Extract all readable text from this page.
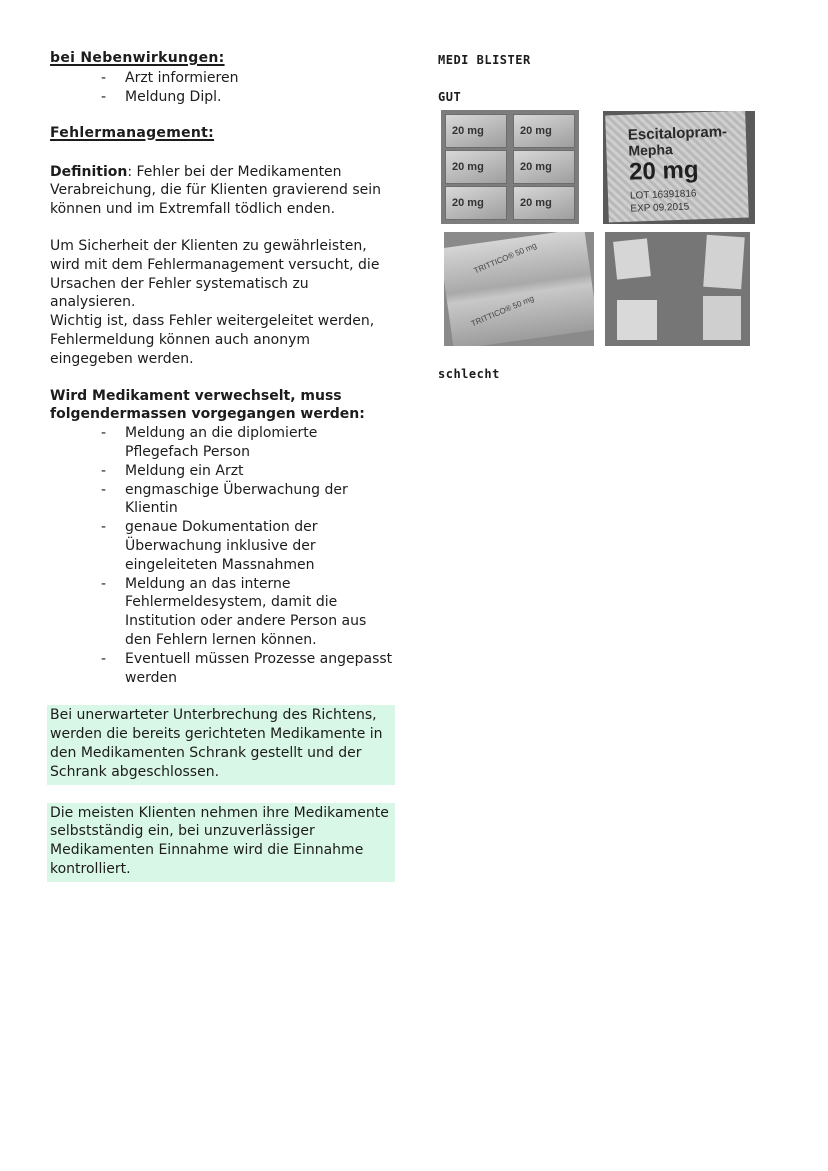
bei Nebenwirkungen:

- Arzt informieren
- Meldung Dipl.

Fehlermanagement:

Definition: Fehler bei der Medikamenten Verabreichung, die für Klienten gravierend sein können und im Extremfall tödlich enden.

Um Sicherheit der Klienten zu gewährleisten, wird mit dem Fehlermanagement versucht, die Ursachen der Fehler systematisch zu analysieren.

Wichtig ist, dass Fehler weitergeleitet werden, Fehlermeldung können auch anonym eingegeben werden.

Wird Medikament verwechselt, muss folgendermassen vorgegangen werden:

- Meldung an die diplomierte Pflegefach Person
- Meldung ein Arzt
- engmaschige Überwachung der Klientin
- genaue Dokumentation der Überwachung inklusive der eingeleiteten Massnahmen
- Meldung an das interne Fehlermeldesystem, damit die Institution oder andere Person aus den Fehlern lernen können.
- Eventuell müssen Prozesse angepasst werden

Bei unerwarteter Unterbrechung des Richtens, werden die bereits gerichteten Medikamente in den Medikamenten Schrank gestellt und der Schrank abgeschlossen.

Die meisten Klienten nehmen ihre Medikamente selbstständig ein, bei unzuverlässiger Medikamenten Einnahme wird die Einnahme kontrolliert.

MEDI BLISTER

GUT

schlecht

20 mg	20 mg
20 mg	20 mg
20 mg	20 mg
Escitalopram-
Mepha
20 mg
LOT 16391816
EXP 09.2015
TRITTICO® 50 mg
TRITTICO® 50 mg
